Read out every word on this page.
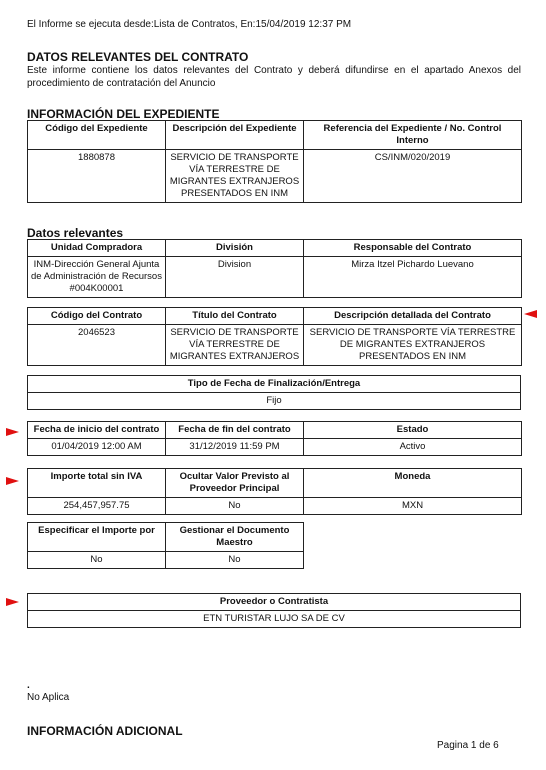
El Informe se ejecuta desde:Lista de Contratos, En:15/04/2019 12:37 PM
DATOS RELEVANTES DEL CONTRATO
Este informe contiene los datos relevantes del Contrato y deberá difundirse en el apartado Anexos del procedimiento de contratación del Anuncio
INFORMACIÓN DEL EXPEDIENTE
Código del Expediente	Descripción del Expediente	Referencia del Expediente / No. Control Interno
1880878	SERVICIO DE TRANSPORTE VÍA TERRESTRE DE MIGRANTES EXTRANJEROS PRESENTADOS EN INM	CS/INM/020/2019
Datos relevantes
Unidad Compradora	División	Responsable del Contrato
INM-Dirección General Ajunta de Administración de Recursos #004K00001	Division	Mirza Itzel Pichardo Luevano
Código del Contrato	Título del Contrato	Descripción detallada del Contrato
2046523	SERVICIO DE TRANSPORTE VÍA TERRESTRE DE MIGRANTES EXTRANJEROS	SERVICIO DE TRANSPORTE VÍA TERRESTRE DE MIGRANTES EXTRANJEROS PRESENTADOS EN INM
Tipo de Fecha de Finalización/Entrega
Fijo
Fecha de inicio del contrato	Fecha de fin del contrato	Estado
01/04/2019 12:00 AM	31/12/2019 11:59 PM	Activo
Importe total sin IVA	Ocultar Valor Previsto al Proveedor Principal	Moneda
254,457,957.75	No	MXN
Especificar el Importe por	Gestionar el Documento Maestro
No	No
Proveedor o Contratista
ETN TURISTAR LUJO SA DE CV
.
No Aplica
INFORMACIÓN ADICIONAL
Pagina 1 de 6
